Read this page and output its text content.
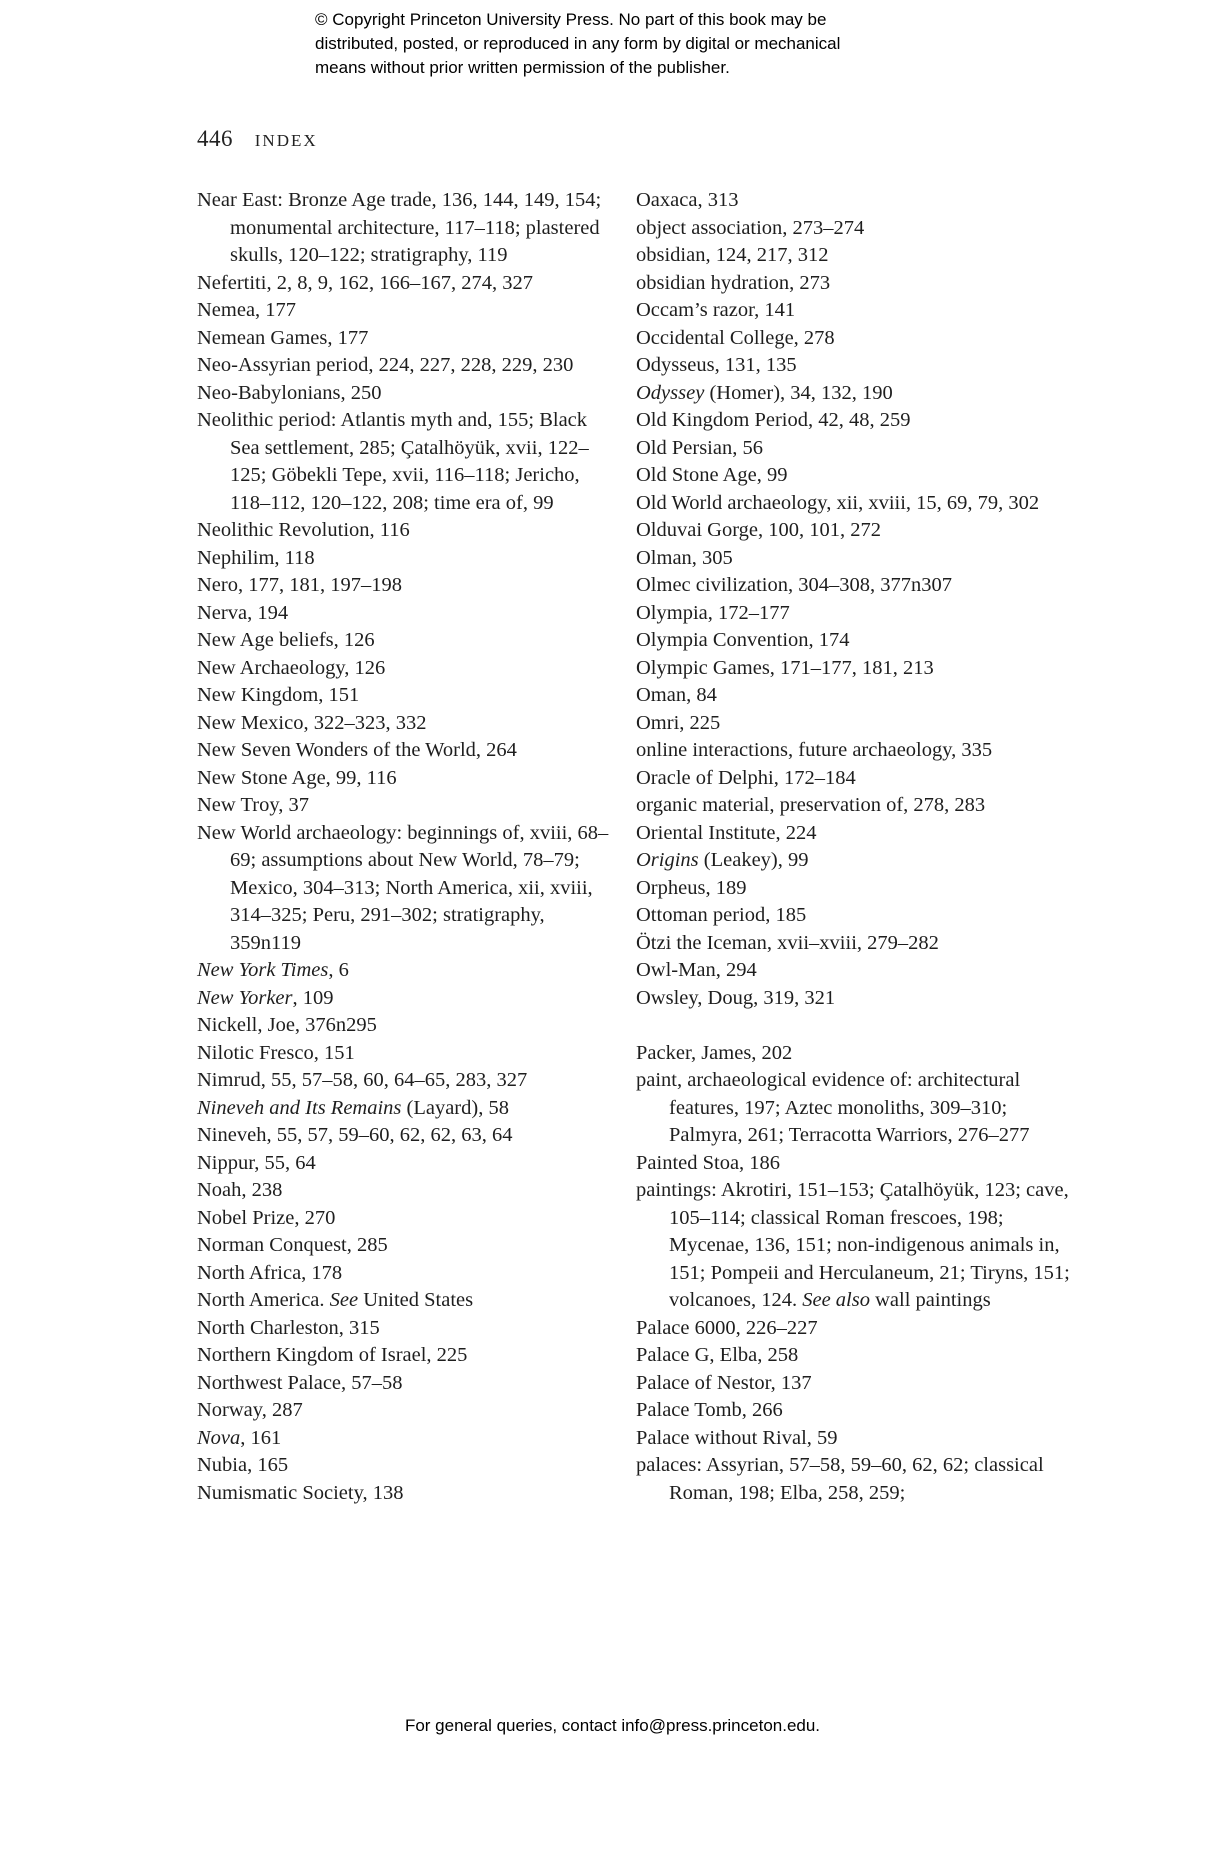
© Copyright Princeton University Press. No part of this book may be
distributed, posted, or reproduced in any form by digital or mechanical
means without prior written permission of the publisher.
446 INDEX
Near East: Bronze Age trade, 136, 144, 149, 154; monumental architecture, 117–118; plastered skulls, 120–122; stratigraphy, 119
Nefertiti, 2, 8, 9, 162, 166–167, 274, 327
Nemea, 177
Nemean Games, 177
Neo-Assyrian period, 224, 227, 228, 229, 230
Neo-Babylonians, 250
Neolithic period: Atlantis myth and, 155; Black Sea settlement, 285; Çatalhöyük, xvii, 122–125; Göbekli Tepe, xvii, 116–118; Jericho, 118–112, 120–122, 208; time era of, 99
Neolithic Revolution, 116
Nephilim, 118
Nero, 177, 181, 197–198
Nerva, 194
New Age beliefs, 126
New Archaeology, 126
New Kingdom, 151
New Mexico, 322–323, 332
New Seven Wonders of the World, 264
New Stone Age, 99, 116
New Troy, 37
New World archaeology: beginnings of, xviii, 68–69; assumptions about New World, 78–79; Mexico, 304–313; North America, xii, xviii, 314–325; Peru, 291–302; stratigraphy, 359n119
New York Times, 6
New Yorker, 109
Nickell, Joe, 376n295
Nilotic Fresco, 151
Nimrud, 55, 57–58, 60, 64–65, 283, 327
Nineveh and Its Remains (Layard), 58
Nineveh, 55, 57, 59–60, 62, 62, 63, 64
Nippur, 55, 64
Noah, 238
Nobel Prize, 270
Norman Conquest, 285
North Africa, 178
North America. See United States
North Charleston, 315
Northern Kingdom of Israel, 225
Northwest Palace, 57–58
Norway, 287
Nova, 161
Nubia, 165
Numismatic Society, 138
Oaxaca, 313
object association, 273–274
obsidian, 124, 217, 312
obsidian hydration, 273
Occam’s razor, 141
Occidental College, 278
Odysseus, 131, 135
Odyssey (Homer), 34, 132, 190
Old Kingdom Period, 42, 48, 259
Old Persian, 56
Old Stone Age, 99
Old World archaeology, xii, xviii, 15, 69, 79, 302
Olduvai Gorge, 100, 101, 272
Olman, 305
Olmec civilization, 304–308, 377n307
Olympia, 172–177
Olympia Convention, 174
Olympic Games, 171–177, 181, 213
Oman, 84
Omri, 225
online interactions, future archaeology, 335
Oracle of Delphi, 172–184
organic material, preservation of, 278, 283
Oriental Institute, 224
Origins (Leakey), 99
Orpheus, 189
Ottoman period, 185
Ötzi the Iceman, xvii–xviii, 279–282
Owl-Man, 294
Owsley, Doug, 319, 321
Packer, James, 202
paint, archaeological evidence of: architectural features, 197; Aztec monoliths, 309–310; Palmyra, 261; Terracotta Warriors, 276–277
Painted Stoa, 186
paintings: Akrotiri, 151–153; Çatalhöyük, 123; cave, 105–114; classical Roman frescoes, 198; Mycenae, 136, 151; non-indigenous animals in, 151; Pompeii and Herculaneum, 21; Tiryns, 151; volcanoes, 124. See also wall paintings
Palace 6000, 226–227
Palace G, Elba, 258
Palace of Nestor, 137
Palace Tomb, 266
Palace without Rival, 59
palaces: Assyrian, 57–58, 59–60, 62, 62; classical Roman, 198; Elba, 258, 259;
For general queries, contact info@press.princeton.edu.
